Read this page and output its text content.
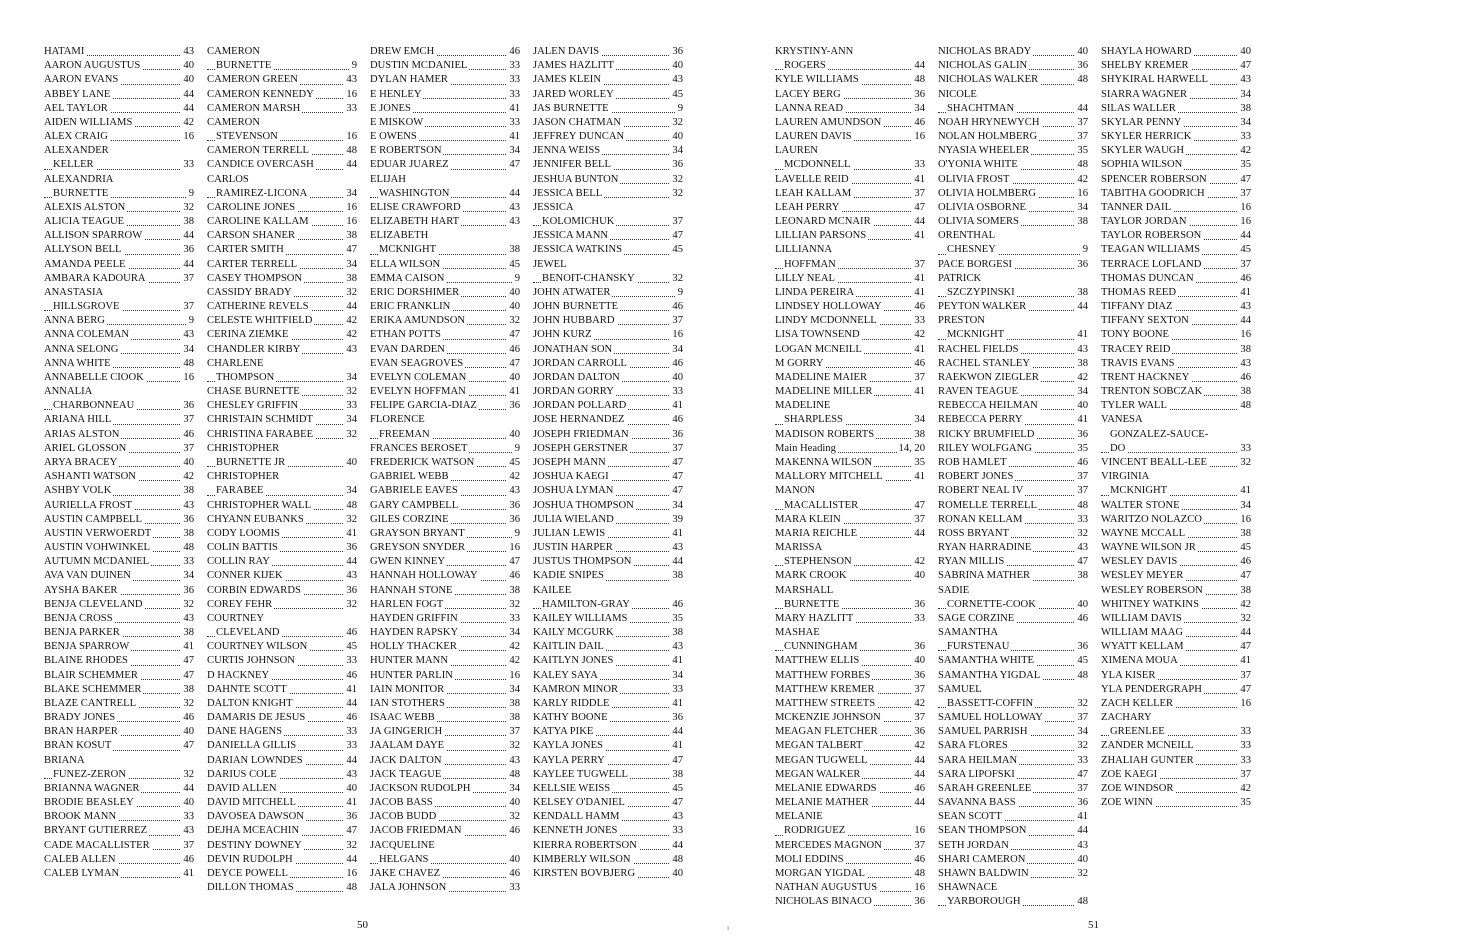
43
HATAMI
40
AARON AUGUSTUS
40
AARON EVANS
44
ABBEY LANE
44
AEL TAYLOR
42
AIDEN WILLIAMS
16
ALEX CRAIG
ALEXANDER
33
KELLER
ALEXANDRIA
9
BURNETTE
32
ALEXIS ALSTON
38
ALICIA TEAGUE
44
ALLISON SPARROW
36
ALLYSON BELL
44
AMANDA PEELE
37
AMBARA KADOURA
ANASTASIA
37
HILLSGROVE
9
ANNA BERG
43
ANNA COLEMAN
34
ANNA SELONG
48
ANNA WHITE
16
ANNABELLE CIOOK
ANNALIA
36
CHARBONNEAU
37
ARIANA HILL
46
ARIAS ALSTON
37
ARIEL GLOSSON
40
ARYA BRACEY
42
ASHANTI WATSON
38
ASHBY VOLK
43
AURIELLA FROST
36
AUSTIN CAMPBELL
38
AUSTIN VERWOERDT
48
AUSTIN VOHWINKEL
33
AUTUMN MCDANIEL
34
AVA VAN DUINEN
36
AYSHA BAKER
32
BENJA CLEVELAND
43
BENJA CROSS
38
BENJA PARKER
41
BENJA SPARROW
47
BLAINE RHODES
47
BLAIR SCHEMMER
38
BLAKE SCHEMMER
32
BLAZE CANTRELL
46
BRADY JONES
40
BRAN HARPER
47
BRAN KOSUT
BRIANA
32
FUNEZ-ZERON
44
BRIANNA WAGNER
40
BRODIE BEASLEY
33
BROOK MANN
43
BRYANT GUTIERREZ
37
CADE MACALLISTER
46
CALEB ALLEN
41
CALEB LYMAN
CAMERON
9
BURNETTE
43
CAMERON GREEN
16
CAMERON KENNEDY
33
CAMERON MARSH
CAMERON
16
STEVENSON
48
CAMERON TERRELL
44
CANDICE OVERCASH
CARLOS
34
RAMIREZ-LICONA
16
CAROLINE JONES
16
CAROLINE KALLAM
38
CARSON SHANER
47
CARTER SMITH
34
CARTER TERRELL
38
CASEY THOMPSON
32
CASSIDY BRADY
44
CATHERINE REVELS
42
CELESTE WHITFIELD
42
CERINA ZIEMKE
43
CHANDLER KIRBY
CHARLENE
34
THOMPSON
32
CHASE BURNETTE
33
CHESLEY GRIFFIN
34
CHRISTAIN SCHMIDT
32
CHRISTINA FARABEE
CHRISTOPHER
40
BURNETTE JR
CHRISTOPHER
34
FARABEE
48
CHRISTOPHER WALL
32
CHYANN EUBANKS
41
CODY LOOMIS
36
COLIN BATTIS
44
COLLIN RAY
43
CONNER KIJEK
36
CORBIN EDWARDS
32
COREY FEHR
COURTNEY
46
CLEVELAND
45
COURTNEY WILSON
33
CURTIS JOHNSON
46
D HACKNEY
41
DAHNTE SCOTT
44
DALTON KNIGHT
46
DAMARIS DE JESUS
33
DANE HAGENS
33
DANIELLA GILLIS
44
DARIAN LOWNDES
43
DARIUS COLE
40
DAVID ALLEN
41
DAVID MITCHELL
36
DAVOSEA DAWSON
47
DEJHA MCEACHIN
32
DESTINY DOWNEY
44
DEVIN RUDOLPH
16
DEYCE POWELL
48
DILLON THOMAS
46
DREW EMCH
33
DUSTIN MCDANIEL
33
DYLAN HAMER
33
E HENLEY
41
E JONES
33
E MISKOW
41
E OWENS
34
E ROBERTSON
47
EDUAR JUAREZ
ELIJAH
44
WASHINGTON
43
ELISE CRAWFORD
43
ELIZABETH HART
ELIZABETH
38
MCKNIGHT
45
ELLA WILSON
9
EMMA CAISON
40
ERIC DORSHIMER
40
ERIC FRANKLIN
32
ERIKA AMUNDSON
47
ETHAN POTTS
46
EVAN DARDEN
47
EVAN SEAGROVES
40
EVELYN COLEMAN
41
EVELYN HOFFMAN
36
FELIPE GARCIA-DIAZ
FLORENCE
40
FREEMAN
9
FRANCES BEROSET
45
FREDERICK WATSON
42
GABRIEL WEBB
43
GABRIELE EAVES
36
GARY CAMPBELL
36
GILES CORZINE
9
GRAYSON BRYANT
16
GREYSON SNYDER
47
GWEN KINNEY
46
HANNAH HOLLOWAY
38
HANNAH STONE
32
HARLEN FOGT
33
HAYDEN GRIFFIN
34
HAYDEN RAPSKY
42
HOLLY THACKER
42
HUNTER MANN
16
HUNTER PARLIN
34
IAIN MONITOR
38
IAN STOTHERS
38
ISAAC WEBB
37
JA GINGERICH
32
JAALAM DAYE
43
JACK DALTON
48
JACK TEAGUE
34
JACKSON RUDOLPH
40
JACOB BASS
32
JACOB BUDD
46
JACOB FRIEDMAN
JACQUELINE
40
HELGANS
46
JAKE CHAVEZ
33
JALA JOHNSON
36
JALEN DAVIS
40
JAMES HAZLITT
43
JAMES KLEIN
45
JARED WORLEY
9
JAS BURNETTE
32
JASON CHATMAN
40
JEFFREY DUNCAN
34
JENNA WEISS
36
JENNIFER BELL
32
JESHUA BUNTON
32
JESSICA BELL
JESSICA
37
KOLOMICHUK
47
JESSICA MANN
45
JESSICA WATKINS
JEWEL
32
BENOIT-CHANSKY
9
JOHN ATWATER
46
JOHN BURNETTE
37
JOHN HUBBARD
16
JOHN KURZ
34
JONATHAN SON
46
JORDAN CARROLL
40
JORDAN DALTON
33
JORDAN GORRY
41
JORDAN POLLARD
46
JOSE HERNANDEZ
36
JOSEPH FRIEDMAN
37
JOSEPH GERSTNER
47
JOSEPH MANN
47
JOSHUA KAEGI
47
JOSHUA LYMAN
34
JOSHUA THOMPSON
39
JULIA WIELAND
41
JULIAN LEWIS
43
JUSTIN HARPER
44
JUSTUS THOMPSON
38
KADIE SNIPES
KAILEE
46
HAMILTON-GRAY
35
KAILEY WILLIAMS
38
KAILY MCGURK
43
KAITLIN DAIL
41
KAITLYN JONES
34
KALEY SAYA
33
KAMRON MINOR
41
KARLY RIDDLE
36
KATHY BOONE
44
KATYA PIKE
41
KAYLA JONES
47
KAYLA PERRY
38
KAYLEE TUGWELL
45
KELLSIE WEISS
47
KELSEY O'DANIEL
43
KENDALL HAMM
33
KENNETH JONES
44
KIERRA ROBERTSON
48
KIMBERLY WILSON
40
KIRSTEN BOVBJERG
50
KRYSTINY-ANN
44
ROGERS
48
KYLE WILLIAMS
36
LACEY BERG
34
LANNA READ
46
LAUREN AMUNDSON
16
LAUREN DAVIS
LAUREN
33
MCDONNELL
41
LAVELLE REID
37
LEAH KALLAM
47
LEAH PERRY
44
LEONARD MCNAIR
41
LILLIAN PARSONS
LILLIANNA
37
HOFFMAN
41
LILLY NEAL
41
LINDA PEREIRA
46
LINDSEY HOLLOWAY
33
LINDY MCDONNELL
42
LISA TOWNSEND
41
LOGAN MCNEILL
46
M GORRY
37
MADELINE MAIER
41
MADELINE MILLER
MADELINE
34
SHARPLESS
38
MADISON ROBERTS
14, 20
Main Heading
35
MAKENNA WILSON
41
MALLORY MITCHELL
MANON
47
MACALLISTER
37
MARA KLEIN
44
MARIA REICHLE
MARISSA
42
STEPHENSON
40
MARK CROOK
MARSHALL
36
BURNETTE
33
MARY HAZLITT
MASHAE
36
CUNNINGHAM
40
MATTHEW ELLIS
36
MATTHEW FORBES
37
MATTHEW KREMER
42
MATTHEW STREETS
37
MCKENZIE JOHNSON
36
MEAGAN FLETCHER
42
MEGAN TALBERT
44
MEGAN TUGWELL
44
MEGAN WALKER
46
MELANIE EDWARDS
44
MELANIE MATHER
MELANIE
16
RODRIGUEZ
37
MERCEDES MAGNON
46
MOLI EDDINS
48
MORGAN YIGDAL
16
NATHAN AUGUSTUS
36
NICHOLAS BINACO
40
NICHOLAS BRADY
36
NICHOLAS GALIN
48
NICHOLAS WALKER
NICOLE
44
SHACHTMAN
37
NOAH HRYNEWYCH
37
NOLAN HOLMBERG
35
NYASIA WHEELER
48
O'YONIA WHITE
42
OLIVIA FROST
16
OLIVIA HOLMBERG
34
OLIVIA OSBORNE
38
OLIVIA SOMERS
ORENTHAL
9
CHESNEY
36
PACE BORGESI
PATRICK
38
SZCZYPINSKI
44
PEYTON WALKER
PRESTON
41
MCKNIGHT
43
RACHEL FIELDS
38
RACHEL STANLEY
42
RAEKWON ZIEGLER
34
RAVEN TEAGUE
40
REBECCA HEILMAN
41
REBECCA PERRY
36
RICKY BRUMFIELD
35
RILEY WOLFGANG
46
ROB HAMLET
37
ROBERT JONES
37
ROBERT NEAL IV
48
ROMELLE TERRELL
33
RONAN KELLAM
32
ROSS BRYANT
43
RYAN HARRADINE
47
RYAN MILLIS
38
SABRINA MATHER
SADIE
40
CORNETTE-COOK
46
SAGE CORZINE
SAMANTHA
36
FURSTENAU
45
SAMANTHA WHITE
48
SAMANTHA YIGDAL
SAMUEL
32
BASSETT-COFFIN
37
SAMUEL HOLLOWAY
34
SAMUEL PARRISH
32
SARA FLORES
33
SARA HEILMAN
47
SARA LIPOFSKI
37
SARAH GREENLEE
36
SAVANNA BASS
41
SEAN SCOTT
44
SEAN THOMPSON
43
SETH JORDAN
40
SHARI CAMERON
32
SHAWN BALDWIN
SHAWNACE
48
YARBOROUGH
40
SHAYLA HOWARD
47
SHELBY KREMER
43
SHYKIRAL HARWELL
34
SIARRA WAGNER
38
SILAS WALLER
34
SKYLAR PENNY
33
SKYLER HERRICK
42
SKYLER WAUGH
35
SOPHIA WILSON
47
SPENCER ROBERSON
37
TABITHA GOODRICH
16
TANNER DAIL
16
TAYLOR JORDAN
44
TAYLOR ROBERSON
45
TEAGAN WILLIAMS
37
TERRACE LOFLAND
46
THOMAS DUNCAN
41
THOMAS REED
43
TIFFANY DIAZ
44
TIFFANY SEXTON
16
TONY BOONE
38
TRACEY REID
43
TRAVIS EVANS
46
TRENT HACKNEY
38
TRENTON SOBCZAK
48
TYLER WALL
VANESA
GONZALEZ-SAUCE-
33
DO
32
VINCENT BEALL-LEE
VIRGINIA
41
MCKNIGHT
34
WALTER STONE
16
WARITZO NOLAZCO
38
WAYNE MCCALL
45
WAYNE WILSON JR
46
WESLEY DAVIS
47
WESLEY MEYER
38
WESLEY ROBERSON
42
WHITNEY WATKINS
32
WILLIAM DAVIS
44
WILLIAM MAAG
47
WYATT KELLAM
41
XIMENA MOUA
37
YLA KISER
47
YLA PENDERGRAPH
16
ZACH KELLER
ZACHARY
33
GREENLEE
33
ZANDER MCNEILL
33
ZHALIAH GUNTER
37
ZOE KAEGI
42
ZOE WINDSOR
35
ZOE WINN
51
ı
